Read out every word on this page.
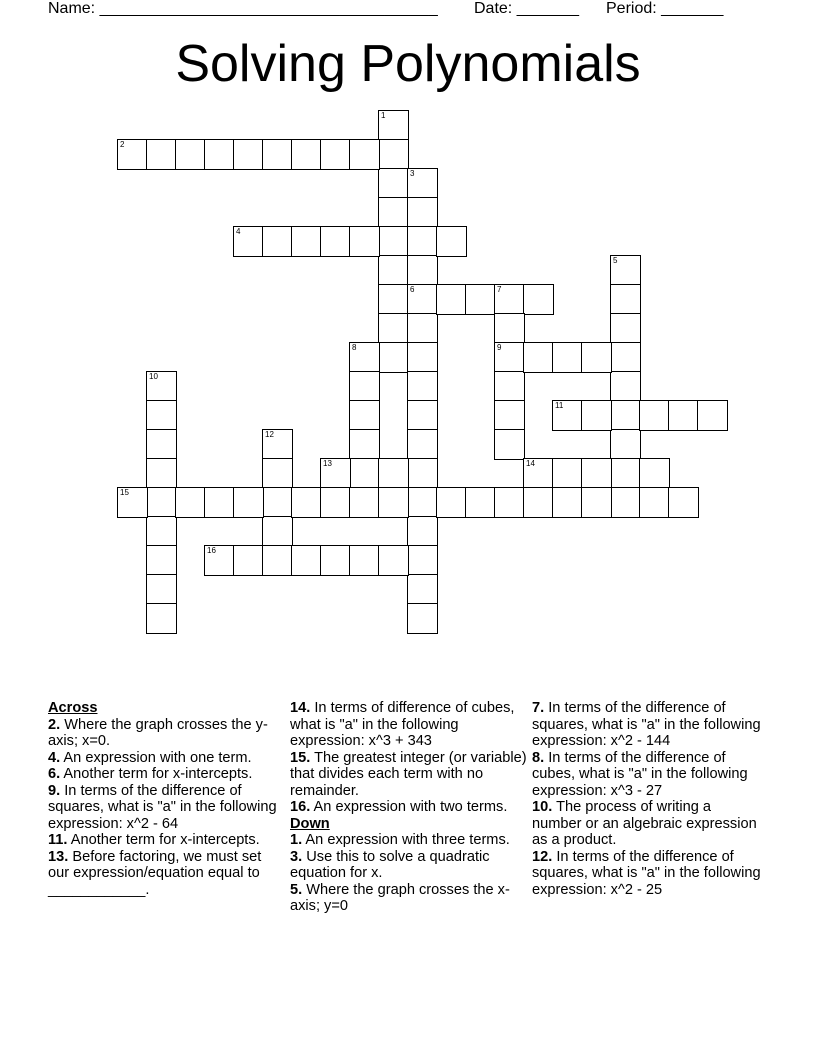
Name: ______________________________________ Date: _______ Period: _______
Solving Polynomials
1
2
3
6
4
5
7
9
8
10
11
12
13	14
15
16
Across

2. Where the graph crosses the y-axis; x=0.

4. An expression with one term.

6. Another term for x-intercepts.

9. In terms of the difference of squares, what is "a" in the following expression: x^2 - 64

11. Another term for x-intercepts.

13. Before factoring, we must set our expression/equation equal to ____________.

14. In terms of difference of cubes, what is "a" in the following expression: x^3 + 343

15. The greatest integer (or variable) that divides each term with no remainder.

16. An expression with two terms.

Down

1. An expression with three terms.

3. Use this to solve a quadratic equation for x.

5. Where the graph crosses the x-axis; y=0

7. In terms of the difference of squares, what is "a" in the following expression: x^2 - 144

8. In terms of the difference of cubes, what is "a" in the following expression: x^3 - 27

10. The process of writing a number or an algebraic expression as a product.

12. In terms of the difference of squares, what is "a" in the following expression: x^2 - 25
